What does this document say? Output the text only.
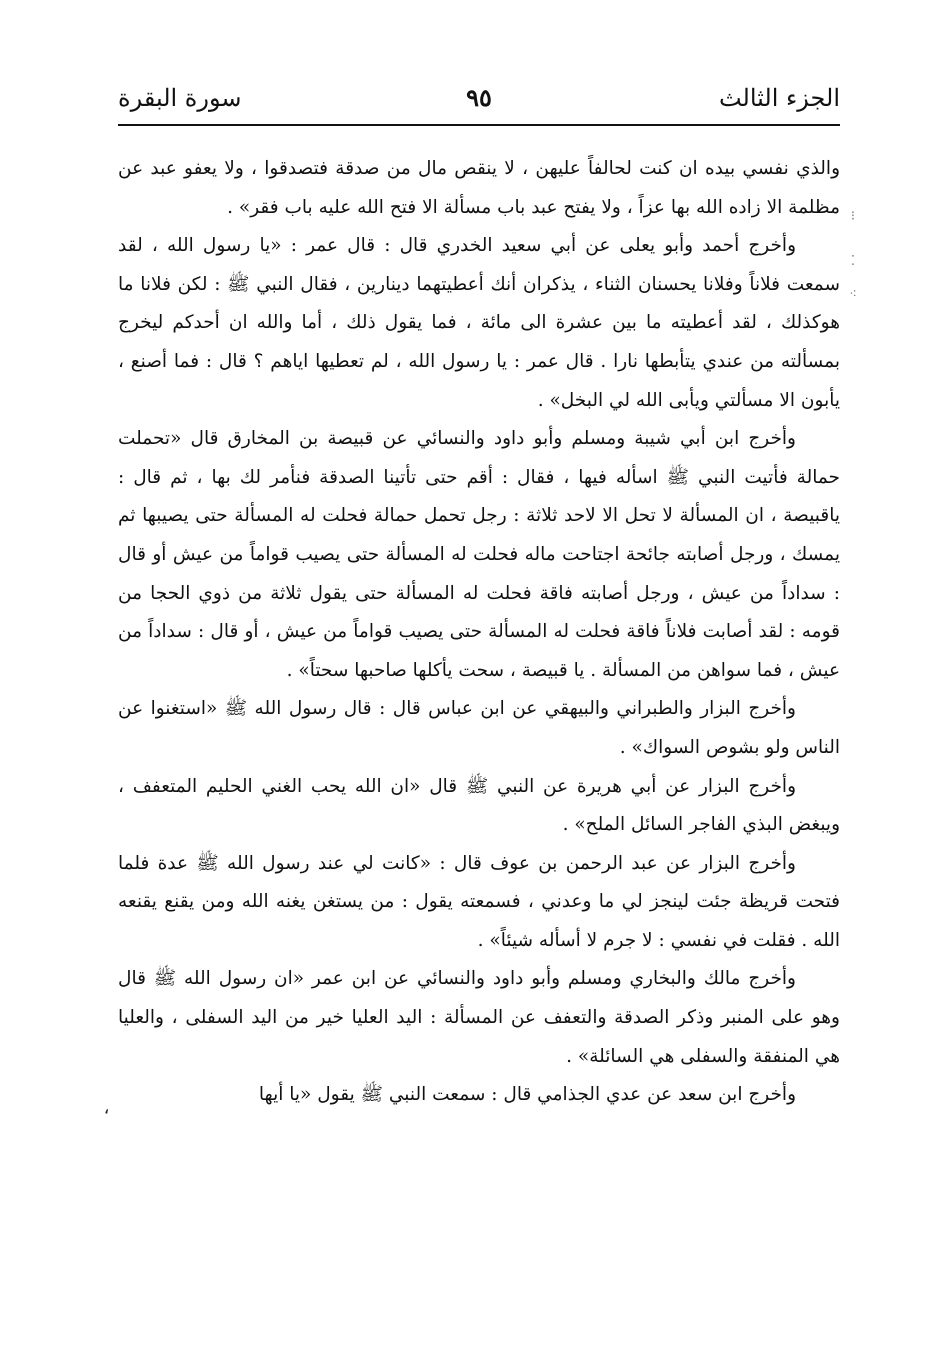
الجزء الثالث
٩٥
سورة البقرة
⁝
⁚
⁖
ʻ

والذي نفسي بيده ان كنت لحالفاً عليهن ، لا ينقص مال من صدقة فتصدقوا ، ولا يعفو عبد عن مظلمة الا زاده الله بها عزاً ، ولا يفتح عبد باب مسألة الا فتح الله عليه باب فقر» .

وأخرج أحمد وأبو يعلى عن أبي سعيد الخدري قال : قال عمر : «يا رسول الله ، لقد سمعت فلاناً وفلانا يحسنان الثناء ، يذكران أنك أعطيتهما دينارين ، فقال النبي ﷺ : لكن فلانا ما هوكذلك ، لقد أعطيته ما بين عشرة الى مائة ، فما يقول ذلك ، أما والله ان أحدكم ليخرج بمسألته من عندي يتأبطها نارا . قال عمر : يا رسول الله ، لم تعطيها اياهم ؟ قال : فما أصنع ، يأبون الا مسألتي ويأبى الله لي البخل» .

وأخرج ابن أبي شيبة ومسلم وأبو داود والنسائي عن قبيصة بن المخارق قال «تحملت حمالة فأتيت النبي ﷺ اسأله فيها ، فقال : أقم حتى تأتينا الصدقة فنأمر لك بها ، ثم قال : ياقبيصة ، ان المسألة لا تحل الا لاحد ثلاثة : رجل تحمل حمالة فحلت له المسألة حتى يصيبها ثم يمسك ، ورجل أصابته جائحة اجتاحت ماله فحلت له المسألة حتى يصيب قواماً من عيش أو قال : سداداً من عيش ، ورجل أصابته فاقة فحلت له المسألة حتى يقول ثلاثة من ذوي الحجا من قومه : لقد أصابت فلاناً فاقة فحلت له المسألة حتى يصيب قواماً من عيش ، أو قال : سداداً من عيش ، فما سواهن من المسألة . يا قبيصة ، سحت يأكلها صاحبها سحتاً» .

وأخرج البزار والطبراني والبيهقي عن ابن عباس قال : قال رسول الله ﷺ «استغنوا عن الناس ولو بشوص السواك» .

وأخرج البزار عن أبي هريرة عن النبي ﷺ قال «ان الله يحب الغني الحليم المتعفف ، ويبغض البذي الفاجر السائل الملح» .

وأخرج البزار عن عبد الرحمن بن عوف قال : «كانت لي عند رسول الله ﷺ عدة فلما فتحت قريظة جئت لينجز لي ما وعدني ، فسمعته يقول : من يستغن يغنه الله ومن يقنع يقنعه الله . فقلت في نفسي : لا جرم لا أسأله شيئاً» .

وأخرج مالك والبخاري ومسلم وأبو داود والنسائي عن ابن عمر «ان رسول الله ﷺ قال وهو على المنبر وذكر الصدقة والتعفف عن المسألة : اليد العليا خير من اليد السفلى ، والعليا هي المنفقة والسفلى هي السائلة» .

وأخرج ابن سعد عن عدي الجذامي قال : سمعت النبي ﷺ يقول «يا أيها
